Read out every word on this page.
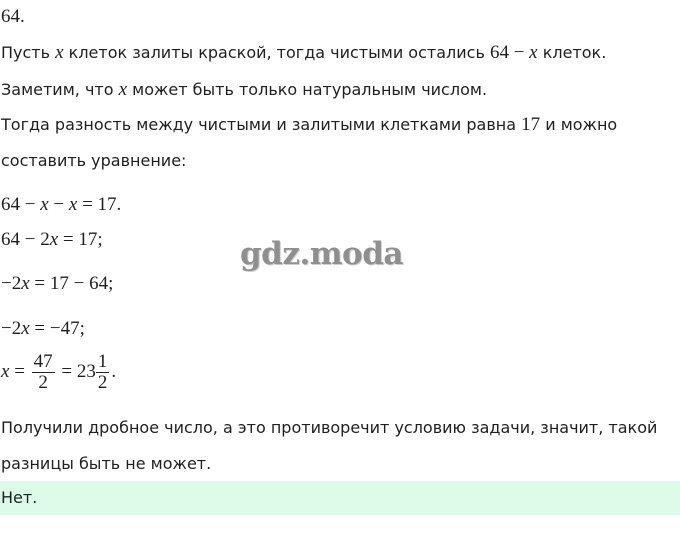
64.
Пусть x клеток залиты краской, тогда чистыми остались 64 − x клеток.
Заметим, что x может быть только натуральным числом.
Тогда разность между чистыми и залитыми клетками равна 17 и можно
составить уравнение:
64 − x − x = 17.
64 − 2x = 17;	gdz.moda
−2x = 17 − 64;
−2x = −47;
$x = \frac{47}{2} = 23 \frac{1}{2}$ .
Получили дробное число, а это противоречит условию задачи, значит, такой
разницы быть не может.
Нет.
